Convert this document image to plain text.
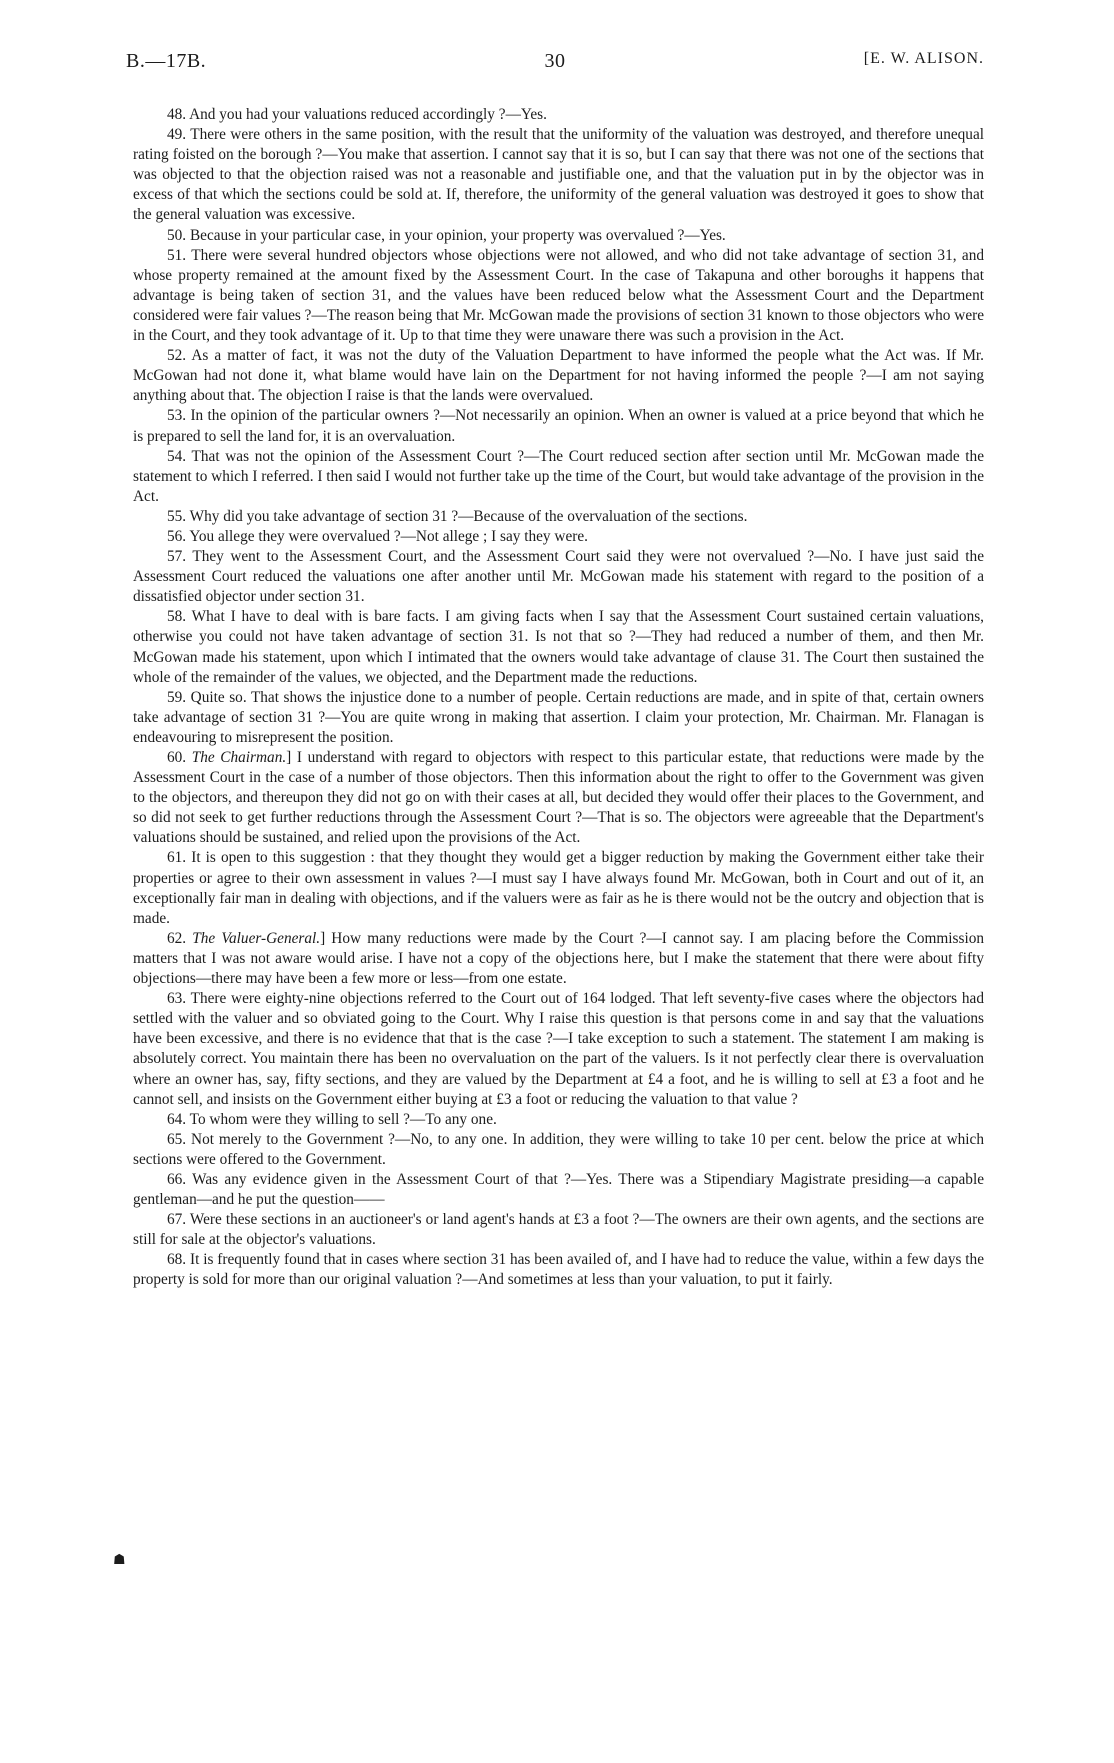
B.—17B.	30	[E. W. ALISON.
☗

48. And you had your valuations reduced accordingly ?—Yes.

49. There were others in the same position, with the result that the uniformity of the valuation was destroyed, and therefore unequal rating foisted on the borough ?—You make that assertion. I cannot say that it is so, but I can say that there was not one of the sections that was objected to that the objection raised was not a reasonable and justifiable one, and that the valuation put in by the objector was in excess of that which the sections could be sold at. If, therefore, the uniformity of the general valuation was destroyed it goes to show that the general valuation was excessive.

50. Because in your particular case, in your opinion, your property was overvalued ?—Yes.

51. There were several hundred objectors whose objections were not allowed, and who did not take advantage of section 31, and whose property remained at the amount fixed by the Assessment Court. In the case of Takapuna and other boroughs it happens that advantage is being taken of section 31, and the values have been reduced below what the Assessment Court and the Department considered were fair values ?—The reason being that Mr. McGowan made the provisions of section 31 known to those objectors who were in the Court, and they took advantage of it. Up to that time they were unaware there was such a provision in the Act.

52. As a matter of fact, it was not the duty of the Valuation Department to have informed the people what the Act was. If Mr. McGowan had not done it, what blame would have lain on the Department for not having informed the people ?—I am not saying anything about that. The objection I raise is that the lands were overvalued.

53. In the opinion of the particular owners ?—Not necessarily an opinion. When an owner is valued at a price beyond that which he is prepared to sell the land for, it is an overvaluation.

54. That was not the opinion of the Assessment Court ?—The Court reduced section after section until Mr. McGowan made the statement to which I referred. I then said I would not further take up the time of the Court, but would take advantage of the provision in the Act.

55. Why did you take advantage of section 31 ?—Because of the overvaluation of the sections.

56. You allege they were overvalued ?—Not allege ; I say they were.

57. They went to the Assessment Court, and the Assessment Court said they were not overvalued ?—No. I have just said the Assessment Court reduced the valuations one after another until Mr. McGowan made his statement with regard to the position of a dissatisfied objector under section 31.

58. What I have to deal with is bare facts. I am giving facts when I say that the Assessment Court sustained certain valuations, otherwise you could not have taken advantage of section 31. Is not that so ?—They had reduced a number of them, and then Mr. McGowan made his statement, upon which I intimated that the owners would take advantage of clause 31. The Court then sustained the whole of the remainder of the values, we objected, and the Department made the reductions.

59. Quite so. That shows the injustice done to a number of people. Certain reductions are made, and in spite of that, certain owners take advantage of section 31 ?—You are quite wrong in making that assertion. I claim your protection, Mr. Chairman. Mr. Flanagan is endeavouring to misrepresent the position.

60. The Chairman.] I understand with regard to objectors with respect to this particular estate, that reductions were made by the Assessment Court in the case of a number of those objectors. Then this information about the right to offer to the Government was given to the objectors, and thereupon they did not go on with their cases at all, but decided they would offer their places to the Government, and so did not seek to get further reductions through the Assessment Court ?—That is so. The objectors were agreeable that the Department's valuations should be sustained, and relied upon the provisions of the Act.

61. It is open to this suggestion : that they thought they would get a bigger reduction by making the Government either take their properties or agree to their own assessment in values ?—I must say I have always found Mr. McGowan, both in Court and out of it, an exceptionally fair man in dealing with objections, and if the valuers were as fair as he is there would not be the outcry and objection that is made.

62. The Valuer-General.] How many reductions were made by the Court ?—I cannot say. I am placing before the Commission matters that I was not aware would arise. I have not a copy of the objections here, but I make the statement that there were about fifty objections—there may have been a few more or less—from one estate.

63. There were eighty-nine objections referred to the Court out of 164 lodged. That left seventy-five cases where the objectors had settled with the valuer and so obviated going to the Court. Why I raise this question is that persons come in and say that the valuations have been excessive, and there is no evidence that that is the case ?—I take exception to such a statement. The statement I am making is absolutely correct. You maintain there has been no overvaluation on the part of the valuers. Is it not perfectly clear there is overvaluation where an owner has, say, fifty sections, and they are valued by the Department at £4 a foot, and he is willing to sell at £3 a foot and he cannot sell, and insists on the Government either buying at £3 a foot or reducing the valuation to that value ?

64. To whom were they willing to sell ?—To any one.

65. Not merely to the Government ?—No, to any one. In addition, they were willing to take 10 per cent. below the price at which sections were offered to the Government.

66. Was any evidence given in the Assessment Court of that ?—Yes. There was a Stipendiary Magistrate presiding—a capable gentleman—and he put the question——

67. Were these sections in an auctioneer's or land agent's hands at £3 a foot ?—The owners are their own agents, and the sections are still for sale at the objector's valuations.

68. It is frequently found that in cases where section 31 has been availed of, and I have had to reduce the value, within a few days the property is sold for more than our original valuation ?—And sometimes at less than your valuation, to put it fairly.
